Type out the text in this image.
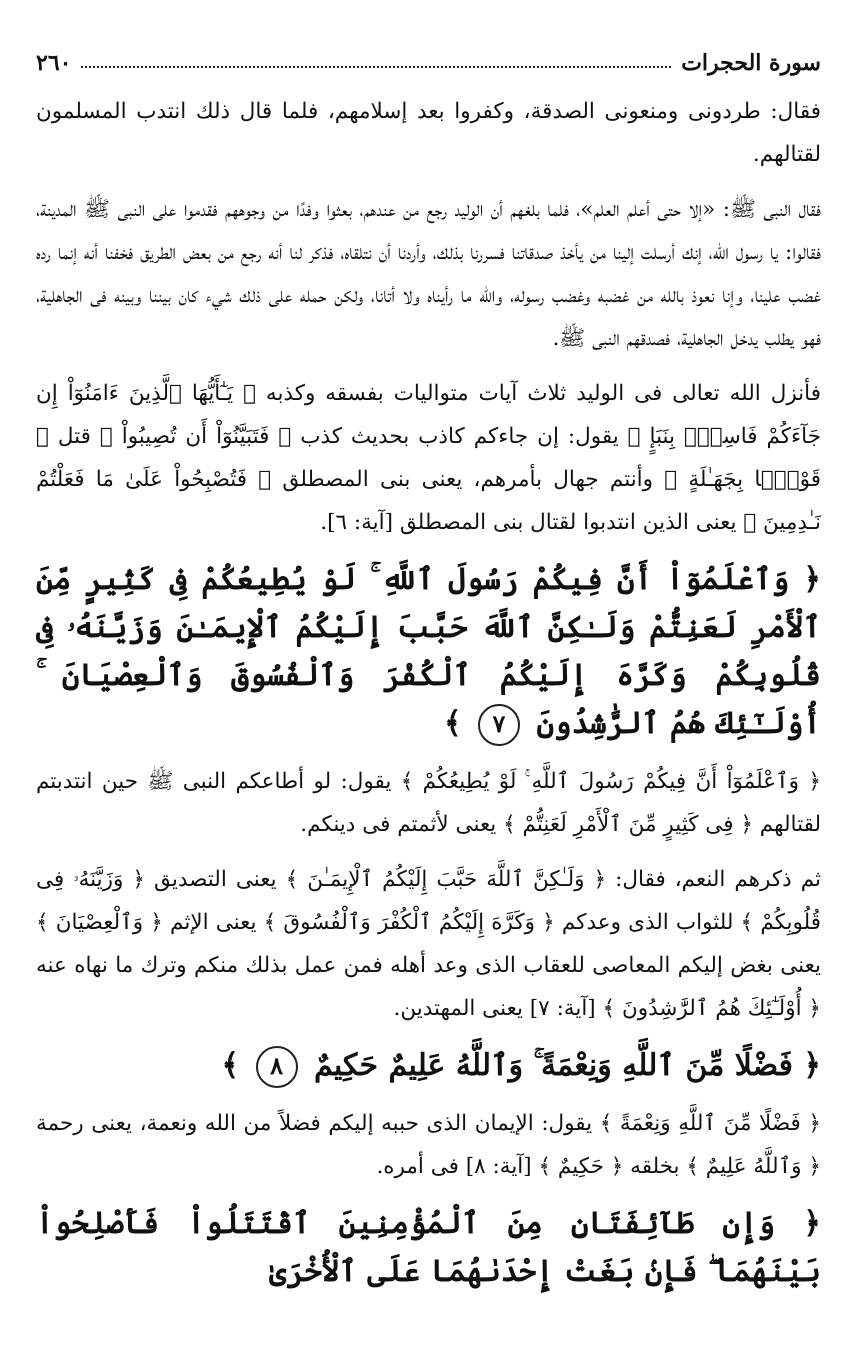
سورة الحجرات
٢٦٠

فقال: طردونى ومنعونى الصدقة، وكفروا بعد إسلامهم، فلما قال ذلك انتدب المسلمون لقتالهم.

فقال النبى ﷺ: «إلا حتى أعلم العلم»، فلما بلغهم أن الوليد رجع من عندهم، بعثوا وفدًا من وجوههم فقدموا على النبى ﷺ المدينة، فقالوا: يا رسول الله، إنك أرسلت إلينا من يأخذ صدقاتنا فسررنا بذلك، وأردنا أن نتلقاه، فذكر لنا أنه رجع من بعض الطريق فخفنا أنه إنما رده غضب علينا، وإنا نعوذ بالله من غضبه وغضب رسوله، والله ما رأيناه ولا أتانا، ولكن حمله على ذلك شيء كان بيننا وبينه فى الجاهلية، فهو يطلب يدخل الجاهلية، فصدقهم النبى ﷺ.

فأنزل الله تعالى فى الوليد ثلاث آيات متواليات بفسقه وكذبه ﴿ يَـٰٓأَيُّهَا ٱلَّذِينَ ءَامَنُوٓاْ إِن جَآءَكُمْ فَاسِقٌۢ بِنَبَإٍ ﴾ يقول: إن جاءكم كاذب بحديث كذب ﴿ فَتَبَيَّنُوٓاْ أَن تُصِيبُواْ ﴾ قتل ﴿ قَوْمًۢا بِجَهَـٰلَةٍ ﴾ وأنتم جهال بأمرهم، يعنى بنى المصطلق ﴿ فَتُصْبِحُواْ عَلَىٰ مَا فَعَلْتُمْ نَـٰدِمِينَ ﴾ يعنى الذين انتدبوا لقتال بنى المصطلق [آية: ٦].

﴿ وَٱعْلَمُوٓاْ أَنَّ فِيكُمْ رَسُولَ ٱللَّهِ ۚ لَوْ يُطِيعُكُمْ فِى كَثِيرٍ مِّنَ ٱلْأَمْرِ لَعَنِتُّمْ وَلَـٰكِنَّ ٱللَّهَ حَبَّبَ إِلَيْكُمُ ٱلْإِيمَـٰنَ وَزَيَّنَهُۥ فِى قُلُوبِكُمْ وَكَرَّهَ إِلَيْكُمُ ٱلْكُفْرَ وَٱلْفُسُوقَ وَٱلْعِصْيَانَ ۚ أُوْلَـٰٓئِكَ هُمُ ٱلرَّٰشِدُونَ ٧ ﴾

﴿ وَٱعْلَمُوٓاْ أَنَّ فِيكُمْ رَسُولَ ٱللَّهِ ۚ لَوْ يُطِيعُكُمْ ﴾ يقول: لو أطاعكم النبى ﷺ حين انتدبتم لقتالهم ﴿ فِى كَثِيرٍ مِّنَ ٱلْأَمْرِ لَعَنِتُّمْ ﴾ يعنى لأثمتم فى دينكم.

ثم ذكرهم النعم، فقال: ﴿ وَلَـٰكِنَّ ٱللَّهَ حَبَّبَ إِلَيْكُمُ ٱلْإِيمَـٰنَ ﴾ يعنى التصديق ﴿ وَزَيَّنَهُۥ فِى قُلُوبِكُمْ ﴾ للثواب الذى وعدكم ﴿ وَكَرَّهَ إِلَيْكُمُ ٱلْكُفْرَ وَٱلْفُسُوقَ ﴾ يعنى الإثم ﴿ وَٱلْعِصْيَانَ ﴾ يعنى بغض إليكم المعاصى للعقاب الذى وعد أهله فمن عمل بذلك منكم وترك ما نهاه عنه ﴿ أُوْلَـٰٓئِكَ هُمُ ٱلرَّٰشِدُونَ ﴾ [آية: ٧] يعنى المهتدين.

﴿ فَضْلًا مِّنَ ٱللَّهِ وَنِعْمَةً ۚ وَٱللَّهُ عَلِيمٌ حَكِيمٌ ٨ ﴾

﴿ فَضْلًا مِّنَ ٱللَّهِ وَنِعْمَةً ﴾ يقول: الإيمان الذى حببه إليكم فضلاً من الله ونعمة، يعنى رحمة ﴿ وَٱللَّهُ عَلِيمٌ ﴾ بخلقه ﴿ حَكِيمٌ ﴾ [آية: ٨] فى أمره.

﴿ وَإِن طَآئِفَتَانِ مِنَ ٱلْمُؤْمِنِينَ ٱقْتَتَلُواْ فَأَصْلِحُواْ بَيْنَهُمَا ۖ فَإِنۢ بَغَتْ إِحْدَىٰهُمَا عَلَى ٱلْأُخْرَىٰ
